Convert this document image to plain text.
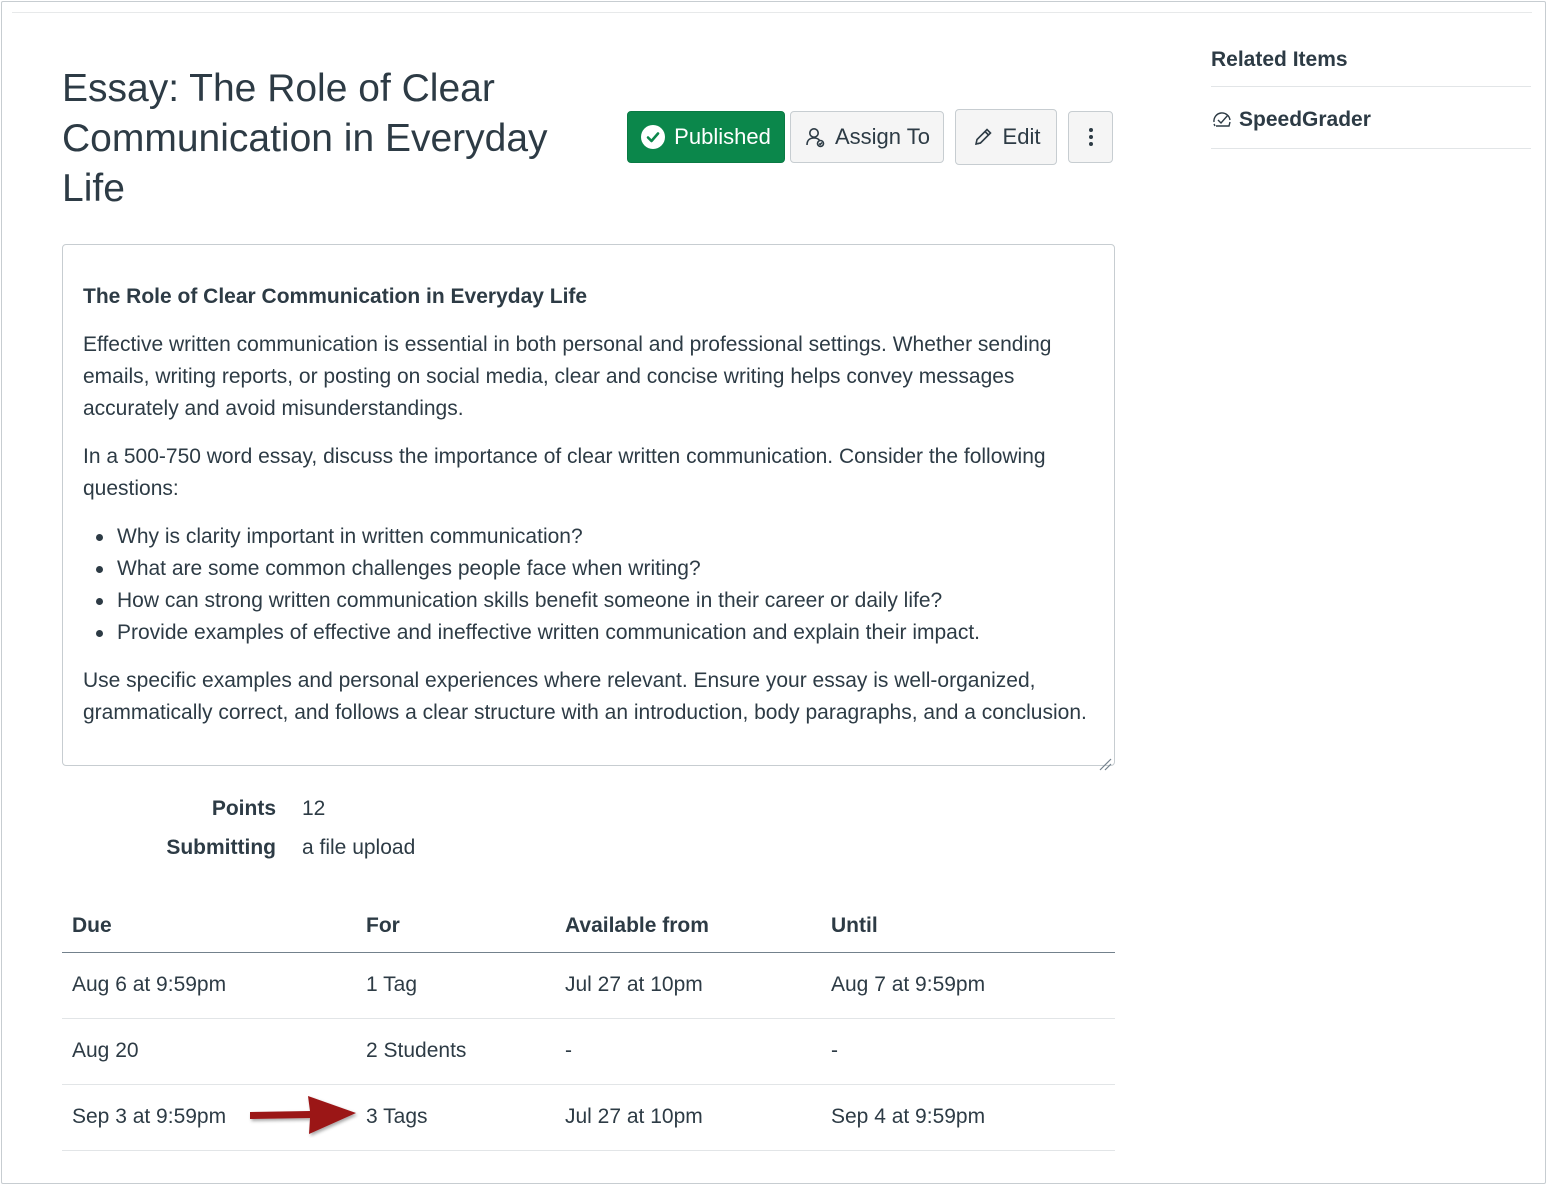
Essay: The Role of Clear Communication in Everyday Life
Published	Assign To	Edit
The Role of Clear Communication in Everyday Life

Effective written communication is essential in both personal and professional settings. Whether sending emails, writing reports, or posting on social media, clear and concise writing helps convey messages accurately and avoid misunderstandings.

In a 500-750 word essay, discuss the importance of clear written communication. Consider the following questions:

Why is clarity important in written communication?
What are some common challenges people face when writing?
How can strong written communication skills benefit someone in their career or daily life?
Provide examples of effective and ineffective written communication and explain their impact.

Use specific examples and personal experiences where relevant. Ensure your essay is well-organized, grammatically correct, and follows a clear structure with an introduction, body paragraphs, and a conclusion.

Points 12
Submitting a file upload
Due	For	Available from	Until
Aug 6 at 9:59pm	1 Tag	Jul 27 at 10pm	Aug 7 at 9:59pm
Aug 20	2 Students	-	-
Sep 3 at 9:59pm	3 Tags	Jul 27 at 10pm	Sep 4 at 9:59pm
Related Items
SpeedGrader
